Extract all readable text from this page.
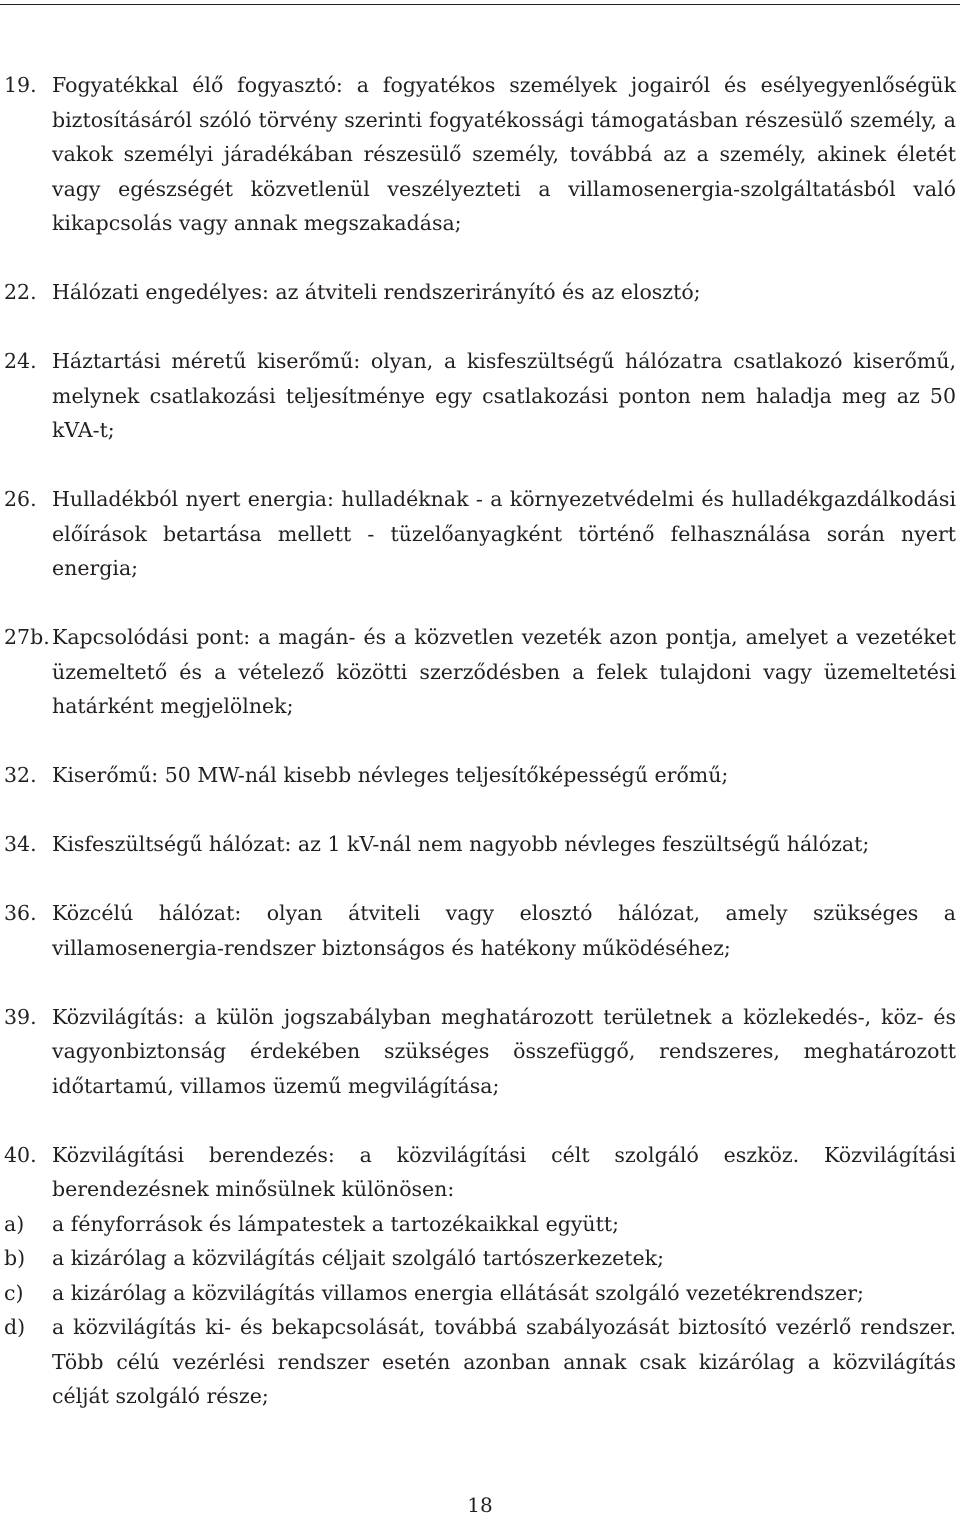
19. Fogyatékkal élő fogyasztó: a fogyatékos személyek jogairól és esélyegyenlőségük biztosításáról szóló törvény szerinti fogyatékossági támogatásban részesülő személy, a vakok személyi járadékában részesülő személy, továbbá az a személy, akinek életét vagy egészségét közvetlenül veszélyezteti a villamosenergia-szolgáltatásból való kikapcsolás vagy annak megszakadása;
22. Hálózati engedélyes: az átviteli rendszerirányító és az elosztó;
24. Háztartási méretű kiserőmű: olyan, a kisfeszültségű hálózatra csatlakozó kiserőmű, melynek csatlakozási teljesítménye egy csatlakozási ponton nem haladja meg az 50 kVA-t;
26. Hulladékból nyert energia: hulladéknak - a környezetvédelmi és hulladékgazdálkodási előírások betartása mellett - tüzelőanyagként történő felhasználása során nyert energia;
27b. Kapcsolódási pont: a magán- és a közvetlen vezeték azon pontja, amelyet a vezetéket üzemeltető és a vételező közötti szerződésben a felek tulajdoni vagy üzemeltetési határként megjelölnek;
32. Kiserőmű: 50 MW-nál kisebb névleges teljesítőképességű erőmű;
34. Kisfeszültségű hálózat: az 1 kV-nál nem nagyobb névleges feszültségű hálózat;
36. Közcélú hálózat: olyan átviteli vagy elosztó hálózat, amely szükséges a villamosenergia-rendszer biztonságos és hatékony működéséhez;
39. Közvilágítás: a külön jogszabályban meghatározott területnek a közlekedés-, köz- és vagyonbiztonság érdekében szükséges összefüggő, rendszeres, meghatározott időtartamú, villamos üzemű megvilágítása;
40. Közvilágítási berendezés: a közvilágítási célt szolgáló eszköz. Közvilágítási berendezésnek minősülnek különösen:
a)	a fényforrások és lámpatestek a tartozékaikkal együtt;
b)	a kizárólag a közvilágítás céljait szolgáló tartószerkezetek;
c)	a kizárólag a közvilágítás villamos energia ellátását szolgáló vezetékrendszer;
d)	a közvilágítás ki- és bekapcsolását, továbbá szabályozását biztosító vezérlő rendszer. Több célú vezérlési rendszer esetén azonban annak csak kizárólag a közvilágítás célját szolgáló része;
18
